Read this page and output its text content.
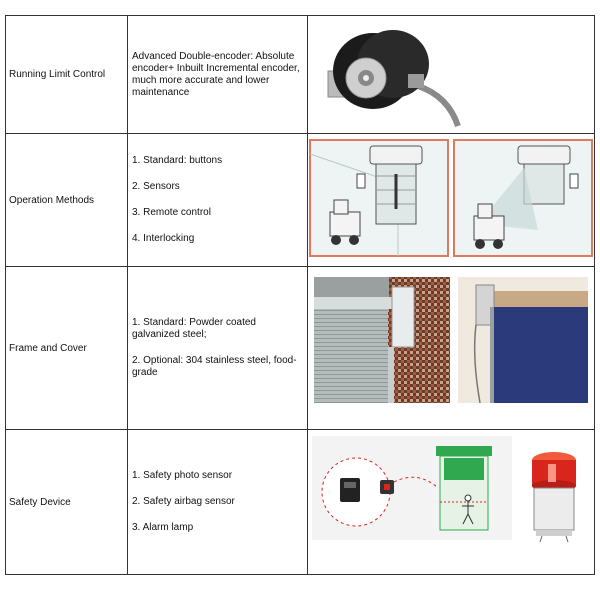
Running Limit Control	Advanced Double-encoder: Absolute encoder+ Inbuilt Incremental encoder, much more accurate and lower maintenance	

Operation Methods	1. Standard: buttons
2. Sensors
3. Remote control
4. Interlocking

Frame and Cover	1. Standard: Powder coated galvanized steel;
2. Optional: 304 stainless steel, food-grade

Safety Device	1. Safety photo sensor
2. Safety airbag sensor
3. Alarm lamp
